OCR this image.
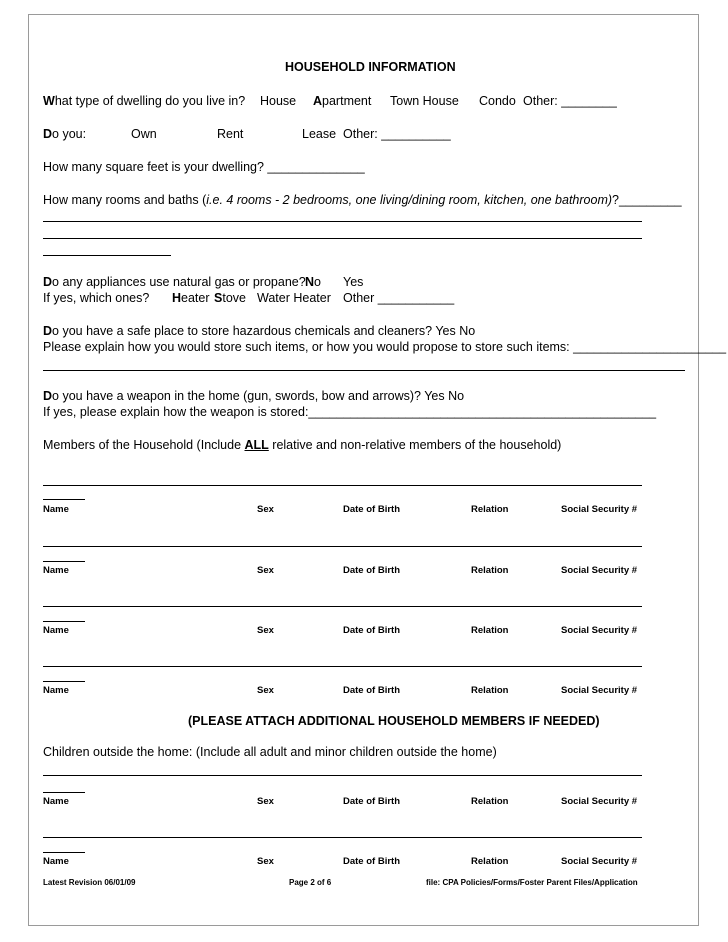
HOUSEHOLD INFORMATION
What type of dwelling do you live in? House Apartment Town House Condo Other: ________
Do you:	Own	Rent	Lease Other: __________
How many square feet is your dwelling? ______________
How many rooms and baths (i.e. 4 rooms - 2 bedrooms, one living/dining room, kitchen, one bathroom)?_________
Do any appliances use natural gas or propane? No Yes
If yes, which ones? Heater Stove Water Heater Other ___________
Do you have a safe place to store hazardous chemicals and cleaners? Yes No
Please explain how you would store such items, or how you would propose to store such items: ______________________
Do you have a weapon in the home (gun, swords, bow and arrows)? Yes No
If yes, please explain how the weapon is stored:__________________________________________________
Members of the Household (Include ALL relative and non-relative members of the household)
Name	Sex	Date of Birth	Relation	Social Security #
Name	Sex	Date of Birth	Relation	Social Security #
Name	Sex	Date of Birth	Relation	Social Security #
Name	Sex	Date of Birth	Relation	Social Security #
(PLEASE ATTACH ADDITIONAL HOUSEHOLD MEMBERS IF NEEDED)
Children outside the home: (Include all adult and minor children outside the home)
Name	Sex	Date of Birth	Relation	Social Security #
Name	Sex	Date of Birth	Relation	Social Security #
Latest Revision 06/01/09	Page 2 of 6	file: CPA Policies/Forms/Foster Parent Files/Application
